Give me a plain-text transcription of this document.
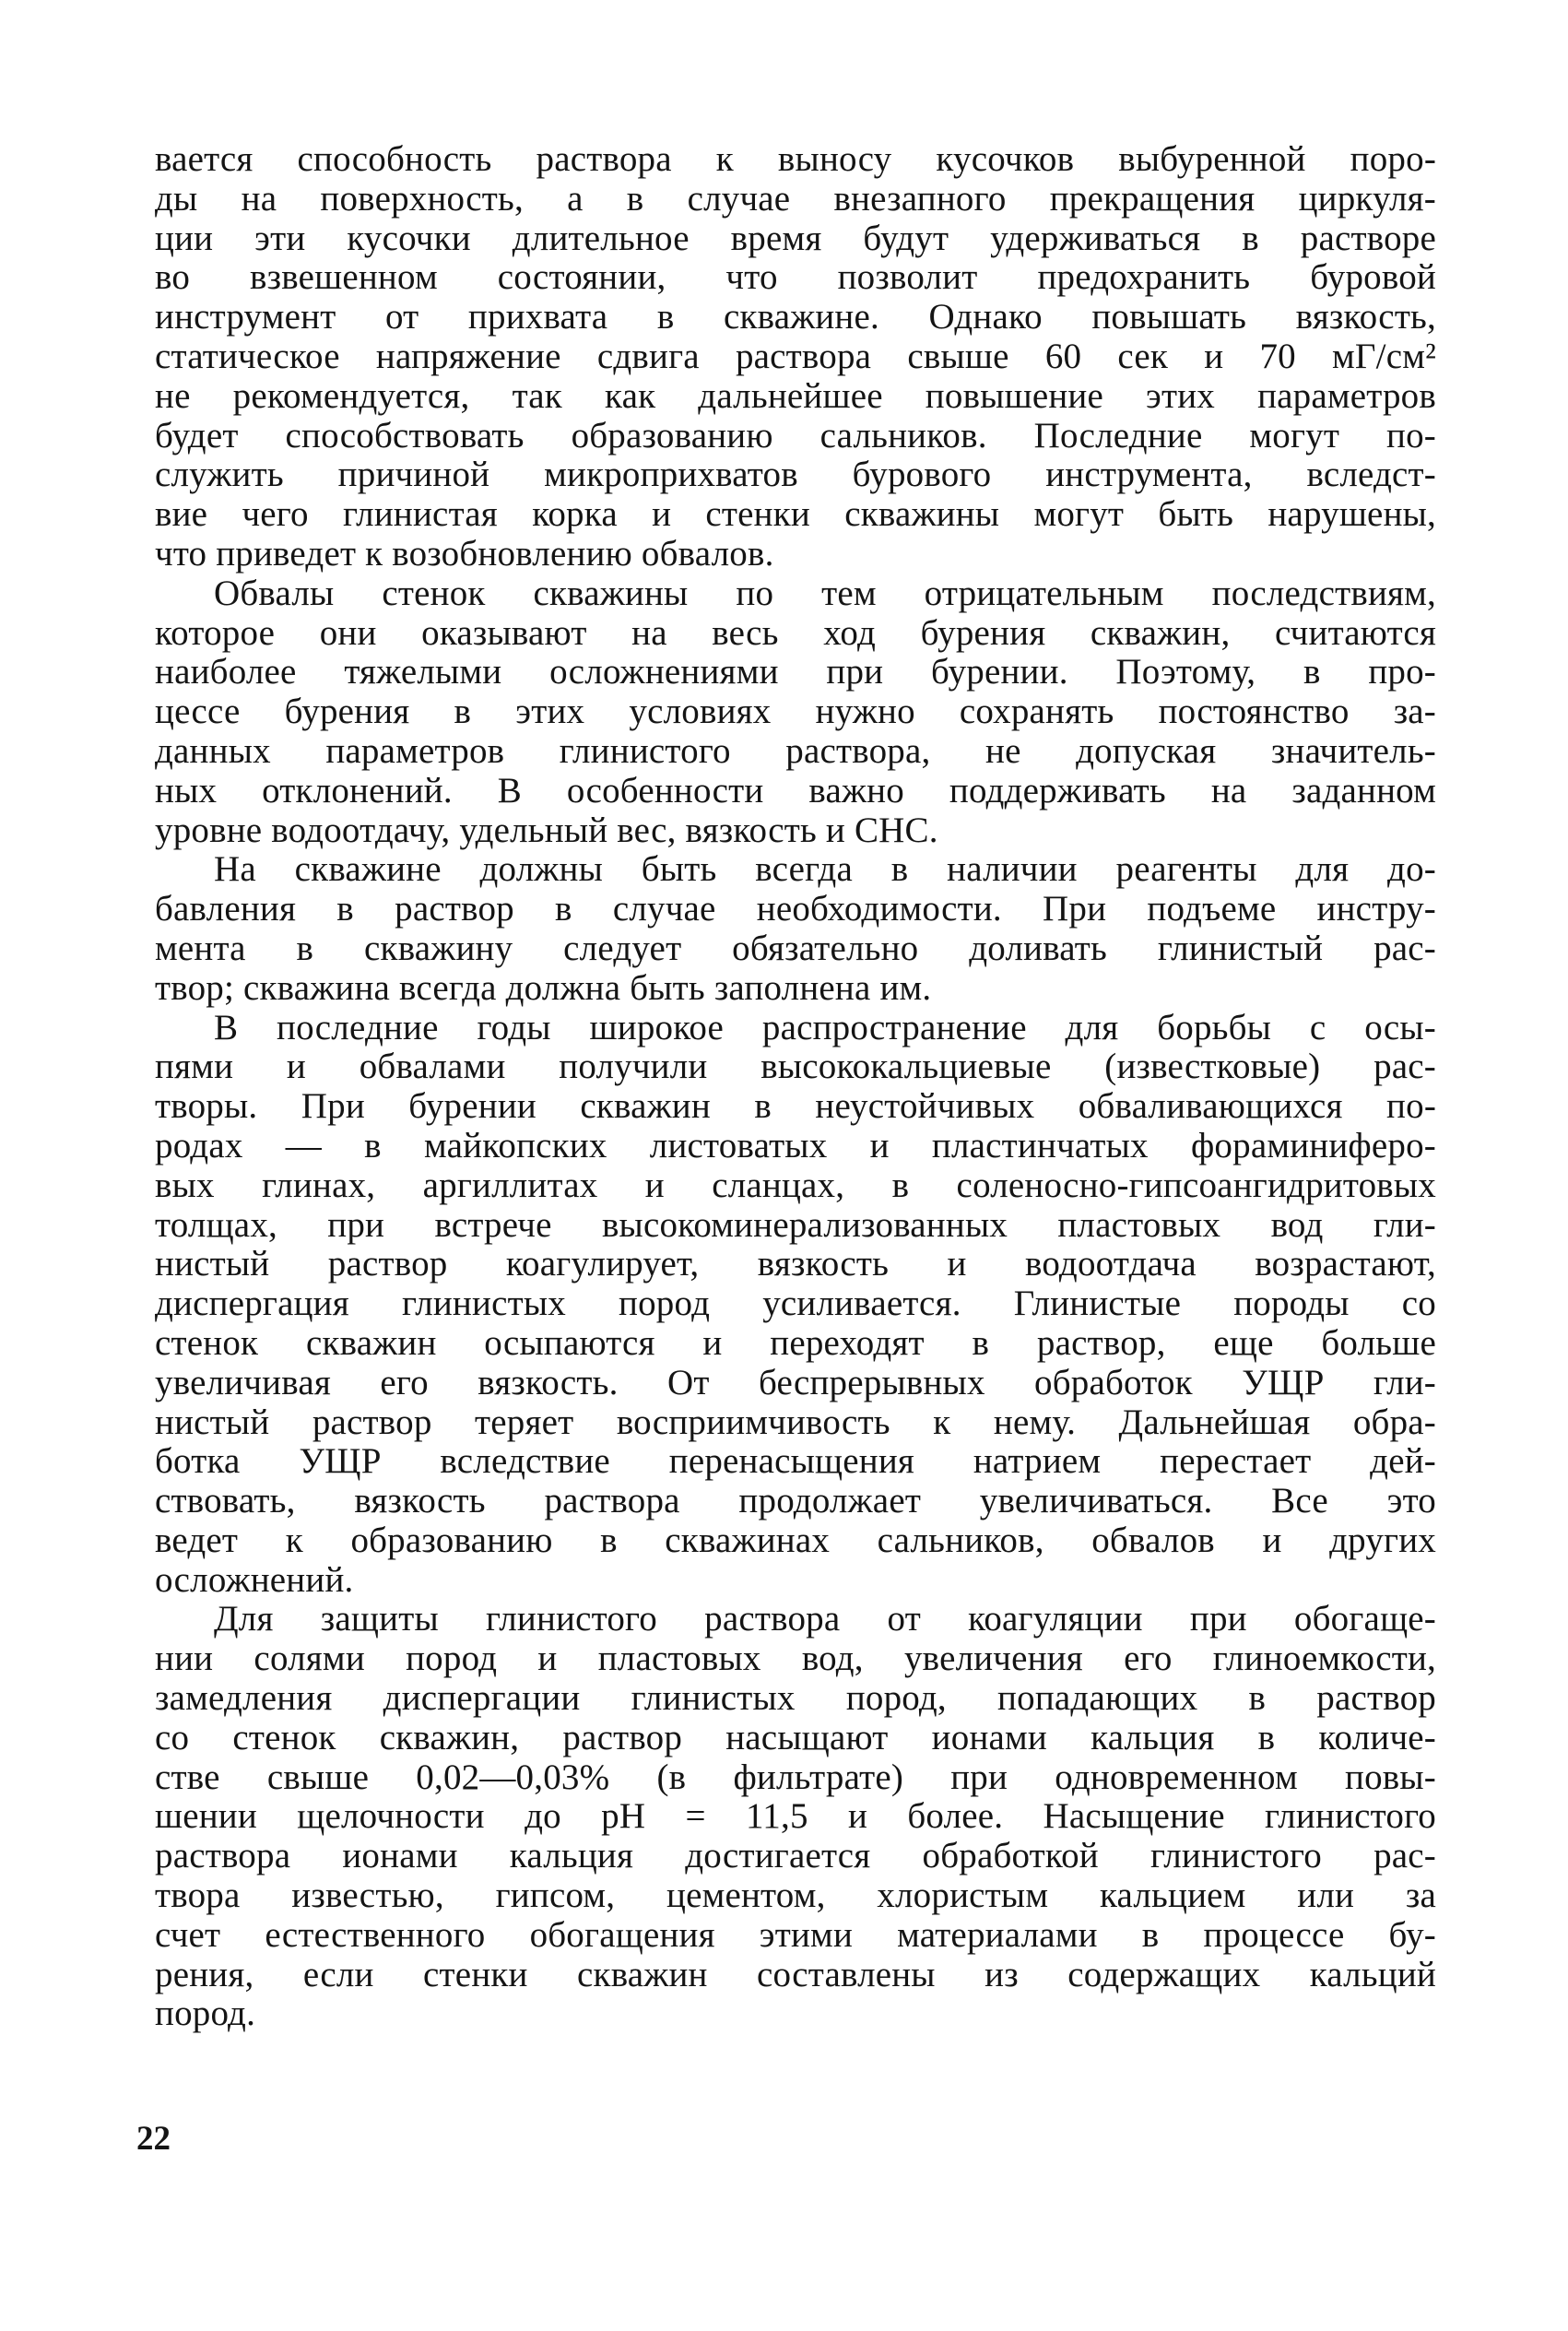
вается способность раствора к выносу кусочков выбуренной поро-
ды на поверхность, а в случае внезапного прекращения циркуля-
ции эти кусочки длительное время будут удерживаться в растворе
во взвешенном состоянии, что позволит предохранить буровой
инструмент от прихвата в скважине. Однако повышать вязкость,
статическое напряжение сдвига раствора свыше 60 сек и 70 мГ/см²
не рекомендуется, так как дальнейшее повышение этих параметров
будет способствовать образованию сальников. Последние могут по-
служить причиной микроприхватов бурового инструмента, вследст-
вие чего глинистая корка и стенки скважины могут быть нарушены,
что приведет к возобновлению обвалов.
Обвалы стенок скважины по тем отрицательным последствиям,
которое они оказывают на весь ход бурения скважин, считаются
наиболее тяжелыми осложнениями при бурении. Поэтому, в про-
цессе бурения в этих условиях нужно сохранять постоянство за-
данных параметров глинистого раствора, не допуская значитель-
ных отклонений. В особенности важно поддерживать на заданном
уровне водоотдачу, удельный вес, вязкость и СНС.
На скважине должны быть всегда в наличии реагенты для до-
бавления в раствор в случае необходимости. При подъеме инстру-
мента в скважину следует обязательно доливать глинистый рас-
твор; скважина всегда должна быть заполнена им.
В последние годы широкое распространение для борьбы с осы-
пями и обвалами получили высококальциевые (известковые) рас-
творы. При бурении скважин в неустойчивых обваливающихся по-
родах — в майкопских листоватых и пластинчатых фораминиферо-
вых глинах, аргиллитах и сланцах, в соленосно-гипсоангидритовых
толщах, при встрече высокоминерализованных пластовых вод гли-
нистый раствор коагулирует, вязкость и водоотдача возрастают,
диспергация глинистых пород усиливается. Глинистые породы со
стенок скважин осыпаются и переходят в раствор, еще больше
увеличивая его вязкость. От беспрерывных обработок УЩР гли-
нистый раствор теряет восприимчивость к нему. Дальнейшая обра-
ботка УЩР вследствие перенасыщения натрием перестает дей-
ствовать, вязкость раствора продолжает увеличиваться. Все это
ведет к образованию в скважинах сальников, обвалов и других
осложнений.
Для защиты глинистого раствора от коагуляции при обогаще-
нии солями пород и пластовых вод, увеличения его глиноемкости,
замедления диспергации глинистых пород, попадающих в раствор
со стенок скважин, раствор насыщают ионами кальция в количе-
стве свыше 0,02—0,03% (в фильтрате) при одновременном повы-
шении щелочности до pH = 11,5 и более. Насыщение глинистого
раствора ионами кальция достигается обработкой глинистого рас-
твора известью, гипсом, цементом, хлористым кальцием или за
счет естественного обогащения этими материалами в процессе бу-
рения, если стенки скважин составлены из содержащих кальций
пород.
22
